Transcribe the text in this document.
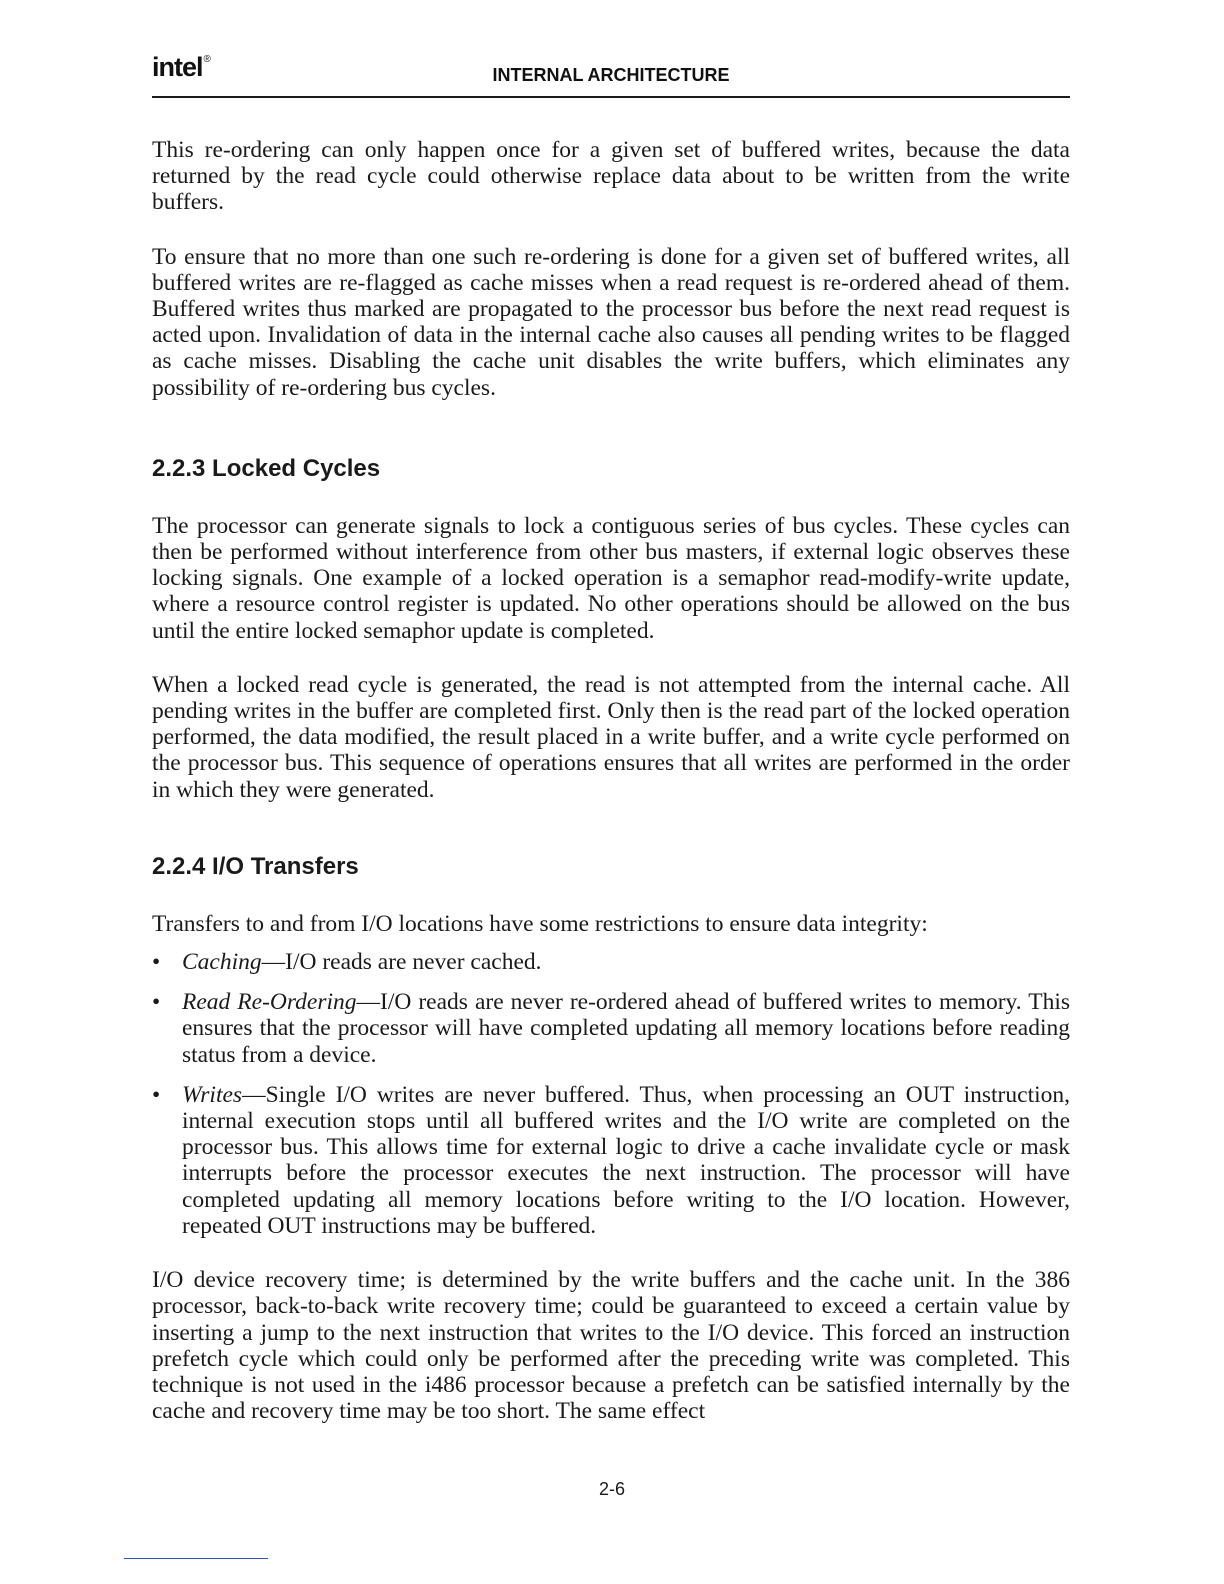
intel®
INTERNAL ARCHITECTURE

This re-ordering can only happen once for a given set of buffered writes, because the data returned by the read cycle could otherwise replace data about to be written from the write buffers.

To ensure that no more than one such re-ordering is done for a given set of buffered writes, all buffered writes are re-flagged as cache misses when a read request is re-ordered ahead of them. Buffered writes thus marked are propagated to the processor bus before the next read request is acted upon. Invalidation of data in the internal cache also causes all pending writes to be flagged as cache misses. Disabling the cache unit disables the write buffers, which eliminates any possibility of re-ordering bus cycles.

2.2.3 Locked Cycles

The processor can generate signals to lock a contiguous series of bus cycles. These cycles can then be performed without interference from other bus masters, if external logic observes these locking signals. One example of a locked operation is a semaphor read-modify-write update, where a resource control register is updated. No other operations should be allowed on the bus until the entire locked semaphor update is completed.

When a locked read cycle is generated, the read is not attempted from the internal cache. All pending writes in the buffer are completed first. Only then is the read part of the locked operation performed, the data modified, the result placed in a write buffer, and a write cycle performed on the processor bus. This sequence of operations ensures that all writes are performed in the order in which they were generated.

2.2.4 I/O Transfers

Transfers to and from I/O locations have some restrictions to ensure data integrity:

• Caching—I/O reads are never cached.
• Read Re-Ordering—I/O reads are never re-ordered ahead of buffered writes to memory. This ensures that the processor will have completed updating all memory locations before reading status from a device.
• Writes—Single I/O writes are never buffered. Thus, when processing an OUT instruction, internal execution stops until all buffered writes and the I/O write are completed on the processor bus. This allows time for external logic to drive a cache invalidate cycle or mask interrupts before the processor executes the next instruction. The processor will have completed updating all memory locations before writing to the I/O location. However, repeated OUT instructions may be buffered.

I/O device recovery time; is determined by the write buffers and the cache unit. In the 386 processor, back-to-back write recovery time; could be guaranteed to exceed a certain value by inserting a jump to the next instruction that writes to the I/O device. This forced an instruction prefetch cycle which could only be performed after the preceding write was completed. This technique is not used in the i486 processor because a prefetch can be satisfied internally by the cache and recovery time may be too short. The same effect

2-6
